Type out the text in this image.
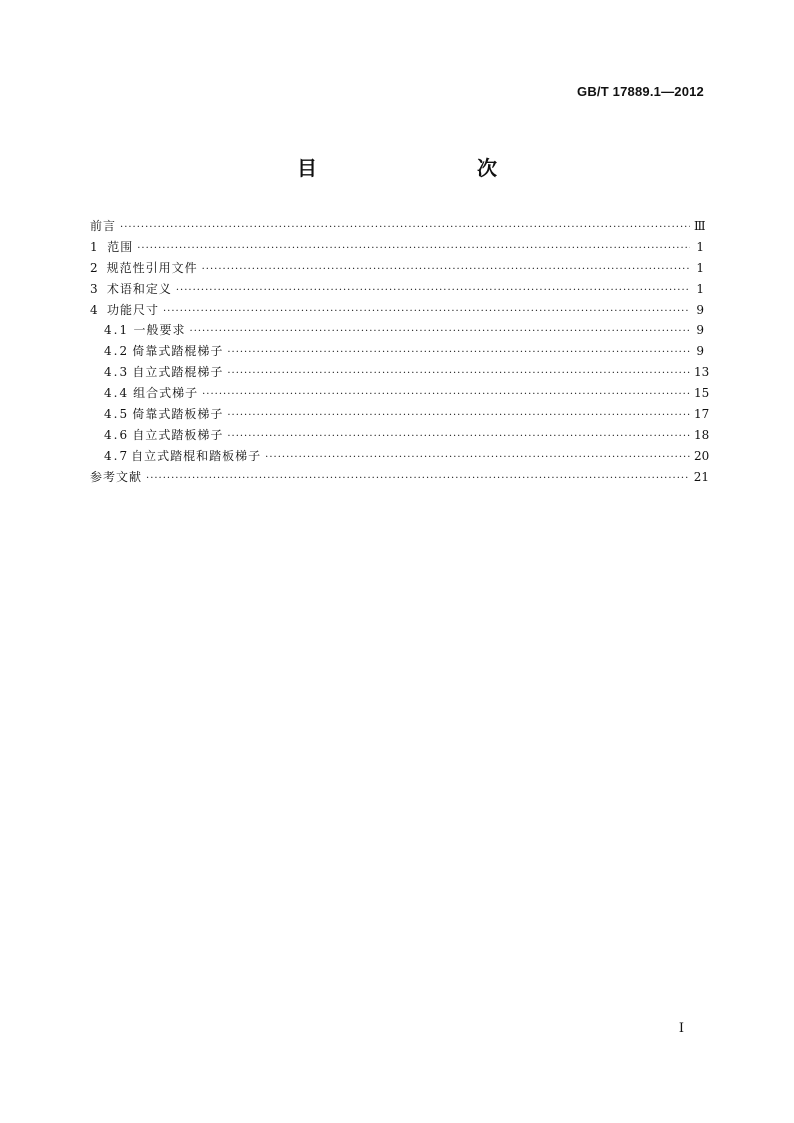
GB/T 17889.1—2012
目　　次
前言 ·····	Ⅲ
1 范围 ·····	1
2 规范性引用文件 ·····	1
3 术语和定义 ·····	1
4 功能尺寸 ·····	9
4.1 一般要求 ·····	9
4.2 倚靠式踏棍梯子 ·····	9
4.3 自立式踏棍梯子 ·····	13
4.4 组合式梯子 ·····	15
4.5 倚靠式踏板梯子 ·····	17
4.6 自立式踏板梯子 ·····	18
4.7 自立式踏棍和踏板梯子 ·····	20
参考文献 ·····	21
I
